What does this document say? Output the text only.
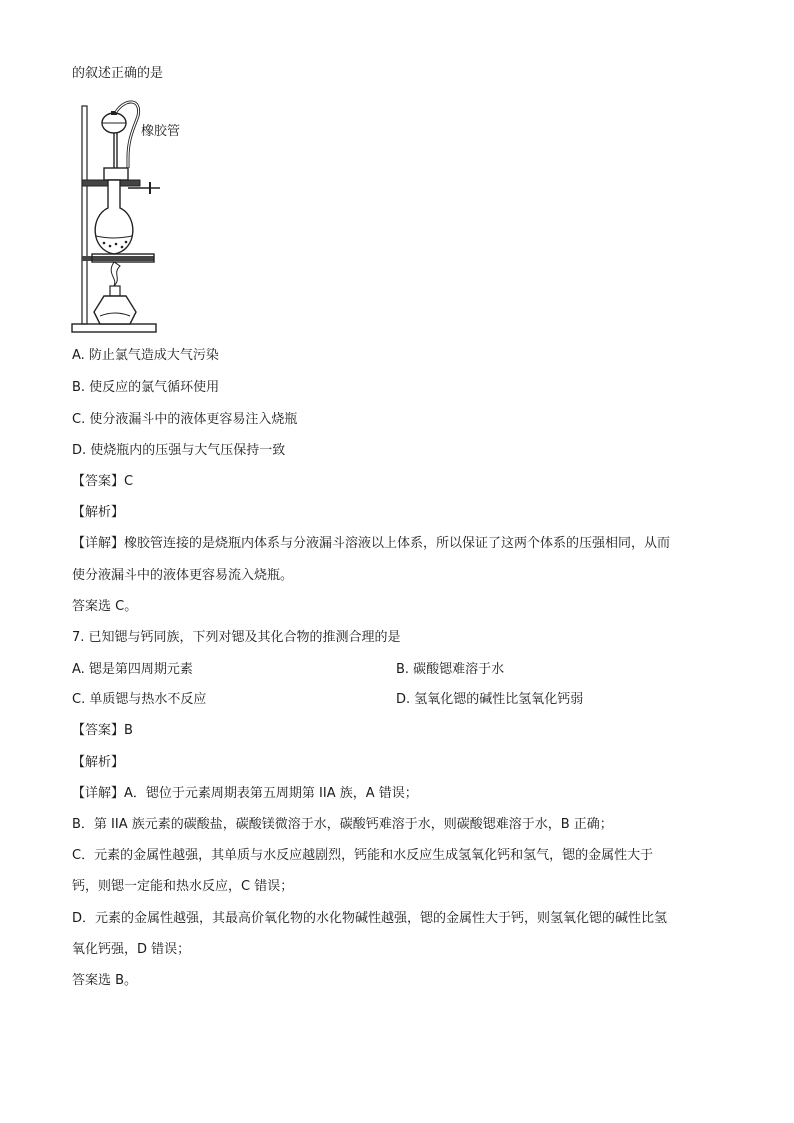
的叙述正确的是
橡胶管
A. 防止氯气造成大气污染
B. 使反应的氯气循环使用
C. 使分液漏斗中的液体更容易注入烧瓶
D. 使烧瓶内的压强与大气压保持一致
【答案】C
【解析】
【详解】橡胶管连接的是烧瓶内体系与分液漏斗溶液以上体系，所以保证了这两个体系的压强相同，从而
使分液漏斗中的液体更容易流入烧瓶。
答案选 C。
7. 已知锶与钙同族，下列对锶及其化合物的推测合理的是
A. 锶是第四周期元素	B. 碳酸锶难溶于水
C. 单质锶与热水不反应	D. 氢氧化锶的碱性比氢氧化钙弱
【答案】B
【解析】
【详解】A．锶位于元素周期表第五周期第 IIA 族，A 错误；
B．第 IIA 族元素的碳酸盐，碳酸镁微溶于水，碳酸钙难溶于水，则碳酸锶难溶于水，B 正确；
C．元素的金属性越强，其单质与水反应越剧烈，钙能和水反应生成氢氧化钙和氢气，锶的金属性大于
钙，则锶一定能和热水反应，C 错误；
D．元素的金属性越强，其最高价氧化物的水化物碱性越强，锶的金属性大于钙，则氢氧化锶的碱性比氢
氧化钙强，D 错误；
答案选 B。
